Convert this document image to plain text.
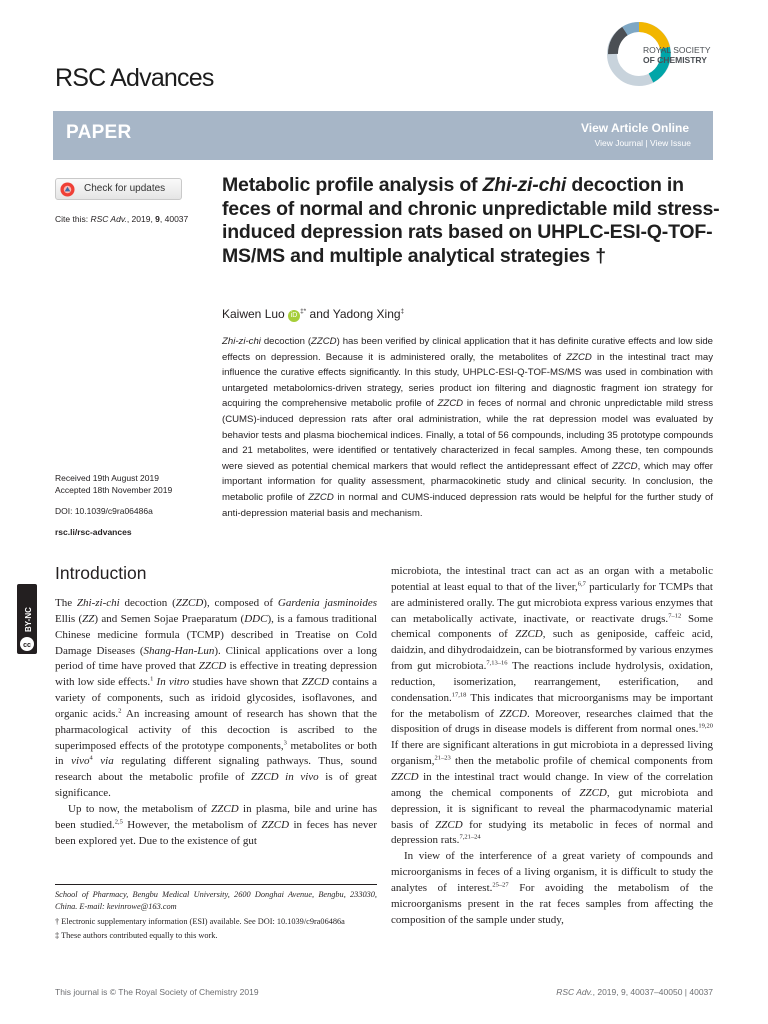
ROYAL SOCIETY
OF CHEMISTRY
RSC Advances
PAPER	View Article Online
View Journal | View Issue
Check for updates
Cite this: RSC Adv., 2019, 9, 40037
Received 19th August 2019
Accepted 18th November 2019
DOI: 10.1039/c9ra06486a
rsc.li/rsc-advances
Metabolic profile analysis of Zhi-zi-chi decoction in feces of normal and chronic unpredictable mild stress-induced depression rats based on UHPLC-ESI-Q-TOF-MS/MS and multiple analytical strategies †
Kaiwen Luo iD‡* and Yadong Xing‡
Zhi-zi-chi decoction (ZZCD) has been verified by clinical application that it has definite curative effects and low side effects on depression. Because it is administered orally, the metabolites of ZZCD in the intestinal tract may influence the curative effects significantly. In this study, UHPLC-ESI-Q-TOF-MS/MS was used in combination with untargeted metabolomics-driven strategy, series product ion filtering and diagnostic fragment ion strategy for acquiring the comprehensive metabolic profile of ZZCD in feces of normal and chronic unpredictable mild stress (CUMS)-induced depression rats after oral administration, while the rat depression model was evaluated by behavior tests and plasma biochemical indices. Finally, a total of 56 compounds, including 35 prototype compounds and 21 metabolites, were identified or tentatively characterized in fecal samples. Among these, ten compounds were sieved as potential chemical markers that would reflect the antidepressant effect of ZZCD, which may offer important information for quality assessment, pharmacokinetic study and clinical security. In conclusion, the metabolic profile of ZZCD in normal and CUMS-induced depression rats would be helpful for the further study of anti-depression material basis and mechanism.
cc
BY-NC
Introduction

The Zhi-zi-chi decoction (ZZCD), composed of Gardenia jasminoides Ellis (ZZ) and Semen Sojae Praeparatum (DDC), is a famous traditional Chinese medicine formula (TCMP) described in Treatise on Cold Damage Diseases (Shang-Han-Lun). Clinical applications over a long period of time have proved that ZZCD is effective in treating depression with low side effects.$^1$ In vitro studies have shown that ZZCD contains a variety of components, such as iridoid glycosides, isoflavones, and organic acids.$^2$ An increasing amount of research has shown that the pharmacological activity of this decoction is ascribed to the superimposed effects of the prototype components,$^3$ metabolites or both in vivo$^4$ via regulating different signaling pathways. Thus, sound research about the metabolic profile of ZZCD in vivo is of great significance.

Up to now, the metabolism of ZZCD in plasma, bile and urine has been studied.$^{2,5}$ However, the metabolism of ZZCD in feces has never been explored yet. Due to the existence of gut

microbiota, the intestinal tract can act as an organ with a metabolic potential at least equal to that of the liver,$^{6,7}$ particularly for TCMPs that are administered orally. The gut microbiota express various enzymes that can metabolically activate, inactivate, or reactivate drugs.$^{7-12}$ Some chemical components of ZZCD, such as geniposide, caffeic acid, daidzin, and dihydrodaidzein, can be biotransformed by various enzymes from gut microbiota.$^{7,13-16}$ The reactions include hydrolysis, oxidation, reduction, isomerization, rearrangement, esterification, and condensation.$^{17,18}$ This indicates that microorganisms may be important for the metabolism of ZZCD. Moreover, researches claimed that the disposition of drugs in disease models is different from normal ones.$^{19,20}$ If there are significant alterations in gut microbiota in a depressed living organism,$^{21-23}$ then the metabolic profile of chemical components from ZZCD in the intestinal tract would change. In view of the correlation among the chemical components of ZZCD, gut microbiota and depression, it is significant to reveal the pharmacodynamic material basis of ZZCD for studying its metabolic in feces of normal and depression rats.$^{7,21-24}$

In view of the interference of a great variety of compounds and microorganisms in feces of a living organism, it is difficult to study the analytes of interest.$^{25-27}$ For avoiding the metabolism of the microorganisms present in the rat feces samples from affecting the composition of the sample under study,

School of Pharmacy, Bengbu Medical University, 2600 Donghai Avenue, Bengbu, 233030, China. E-mail: kevinrowe@163.com

† Electronic supplementary information (ESI) available. See DOI: 10.1039/c9ra06486a

‡ These authors contributed equally to this work.

This journal is © The Royal Society of Chemistry 2019	RSC Adv., 2019, 9, 40037–40050 | 40037
